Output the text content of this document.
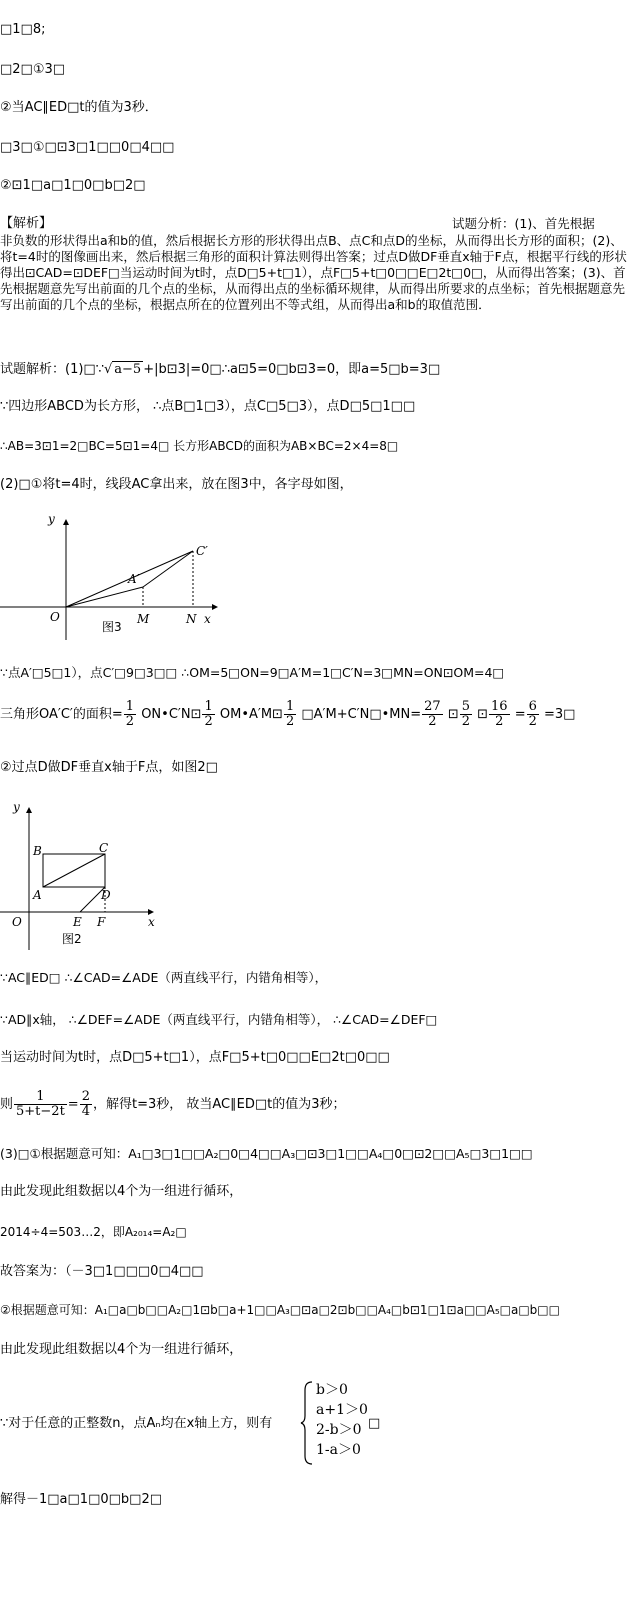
□1□8;
□2□①3□
②当AC∥ED□t的值为3秒．
□3□①□⊡3□1□□0□4□□
②⊡1□a□1□0□b□2□
【解析】	试题分析：(1)、首先根据
非负数的形状得出a和b的值，然后根据长方形的形状得出点B、点C和点D的坐标，从而得出长方形的面积；(2)、将t=4时的图像画出来，然后根据三角形的面积计算法则得出答案；过点D做DF垂直x轴于F点，根据平行线的形状得出⊡CAD=⊡DEF□当运动时间为t时，点D□5+t□1），点F□5+t□0□□E□2t□0□，从而得出答案；(3)、首先根据题意先写出前面的几个点的坐标，从而得出点的坐标循环规律，从而得出所要求的点坐标；首先根据题意先写出前面的几个点的坐标，根据点所在的位置列出不等式组，从而得出a和b的取值范围．
试题解析：(1)□∵√ a−5 +|b⊡3|=0□∴a⊡5=0□b⊡3=0，即a=5□b=3□
∵四边形ABCD为长方形， ∴点B□1□3），点C□5□3），点D□5□1□□
∴AB=3⊡1=2□BC=5⊡1=4□ 长方形ABCD的面积为AB×BC=2×4=8□
(2)□①将t=4时，线段AC拿出来，放在图3中，各字母如图，
y
x
O	M	N
A′
C′
图3
∵点A′□5□1），点C′□9□3□□ ∴OM=5□ON=9□A′M=1□C′N=3□MN=ON⊡OM=4□
三角形OA′C′的面积= $\frac{1}{2}$ ON•C′N⊡ $\frac{1}{2}$ OM•A′M⊡ $\frac{1}{2}$ □A′M+C′N□•MN= $\frac{27}{2}$ ⊡ $\frac{5}{2}$ ⊡ $\frac{16}{2} = \frac{6}{2}$ =3□
②过点D做DF垂直x轴于F点，如图2□
y
x
O
A
B	C
D
E F
图2
∵AC∥ED□ ∴∠CAD=∠ADE（两直线平行，内错角相等），
∵AD∥x轴， ∴∠DEF=∠ADE（两直线平行，内错角相等）， ∴∠CAD=∠DEF□
当运动时间为t时，点D□5+t□1），点F□5+t□0□□E□2t□0□□
则 $\frac{1}{5+t-2t} = \frac{2}{4}$ ，解得t=3秒， 故当AC∥ED□t的值为3秒；
(3)□①根据题意可知：A₁□3□1□□A₂□0□4□□A₃□⊡3□1□□A₄□0□⊡2□□A₅□3□1□□
由此发现此组数据以4个为一组进行循环，
2014÷4=503…2，即A₂₀₁₄=A₂□
故答案为：（－3□1□□□0□4□□
②根据题意可知：A₁□a□b□□A₂□1⊡b□a+1□□A₃□⊡a□2⊡b□□A₄□b⊡1□1⊡a□□A₅□a□b□□
由此发现此组数据以4个为一组进行循环，
∵对于任意的正整数n，点Aₙ均在x轴上方，则有
b＞0
a+1＞0
2-b＞0
1-a＞0
□
解得－1□a□1□0□b□2□
